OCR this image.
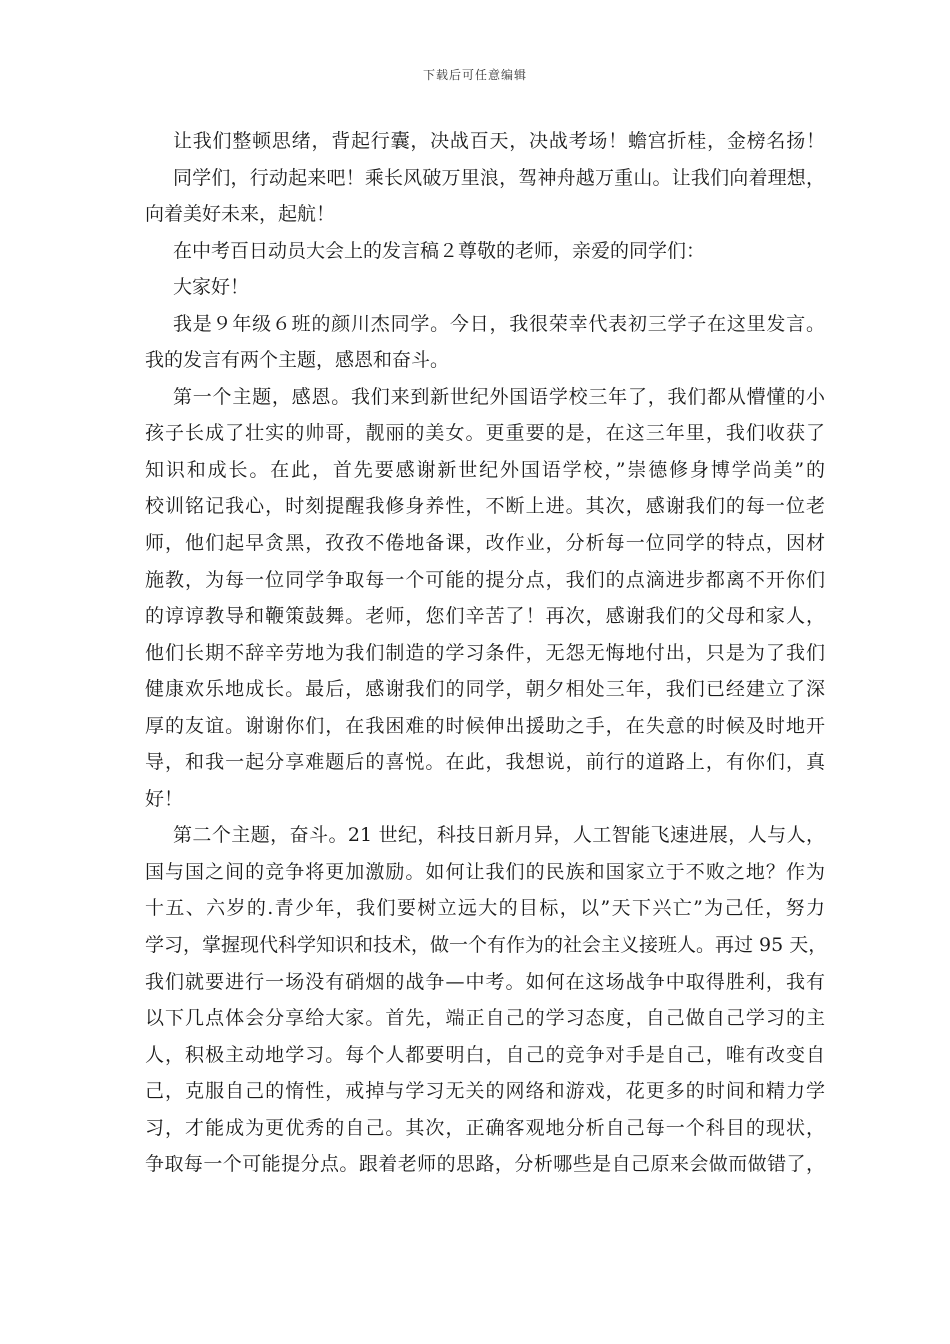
下载后可任意编辑
让我们整顿思绪，背起行囊，决战百天，决战考场！蟾宫折桂，金榜名扬！
同学们，行动起来吧！乘长风破万里浪，驾神舟越万重山。让我们向着理想，
向着美好未来，起航！
在中考百日动员大会上的发言稿２尊敬的老师，亲爱的同学们：
大家好！
我是９年级６班的颜川杰同学。今日，我很荣幸代表初三学子在这里发言。
我的发言有两个主题，感恩和奋斗。
第一个主题，感恩。我们来到新世纪外国语学校三年了，我们都从懵懂的小
孩子长成了壮实的帅哥，靓丽的美女。更重要的是，在这三年里，我们收获了
知识和成长。在此，首先要感谢新世纪外国语学校，”崇德修身博学尚美”的
校训铭记我心，时刻提醒我修身养性，不断上进。其次，感谢我们的每一位老
师，他们起早贪黑，孜孜不倦地备课，改作业，分析每一位同学的特点，因材
施教，为每一位同学争取每一个可能的提分点，我们的点滴进步都离不开你们
的谆谆教导和鞭策鼓舞。老师，您们辛苦了！再次，感谢我们的父母和家人，
他们长期不辞辛劳地为我们制造的学习条件，无怨无悔地付出，只是为了我们
健康欢乐地成长。最后，感谢我们的同学，朝夕相处三年，我们已经建立了深
厚的友谊。谢谢你们，在我困难的时候伸出援助之手，在失意的时候及时地开
导，和我一起分享难题后的喜悦。在此，我想说，前行的道路上，有你们，真
好！
第二个主题，奋斗。21 世纪，科技日新月异，人工智能飞速进展，人与人，
国与国之间的竞争将更加激励。如何让我们的民族和国家立于不败之地？作为
十五、六岁的.青少年，我们要树立远大的目标，以”天下兴亡”为己任，努力
学习，掌握现代科学知识和技术，做一个有作为的社会主义接班人。再过 95 天，
我们就要进行一场没有硝烟的战争—中考。如何在这场战争中取得胜利，我有
以下几点体会分享给大家。首先，端正自己的学习态度，自己做自己学习的主
人，积极主动地学习。每个人都要明白，自己的竞争对手是自己，唯有改变自
己，克服自己的惰性，戒掉与学习无关的网络和游戏，花更多的时间和精力学
习，才能成为更优秀的自己。其次，正确客观地分析自己每一个科目的现状，
争取每一个可能提分点。跟着老师的思路，分析哪些是自己原来会做而做错了，
